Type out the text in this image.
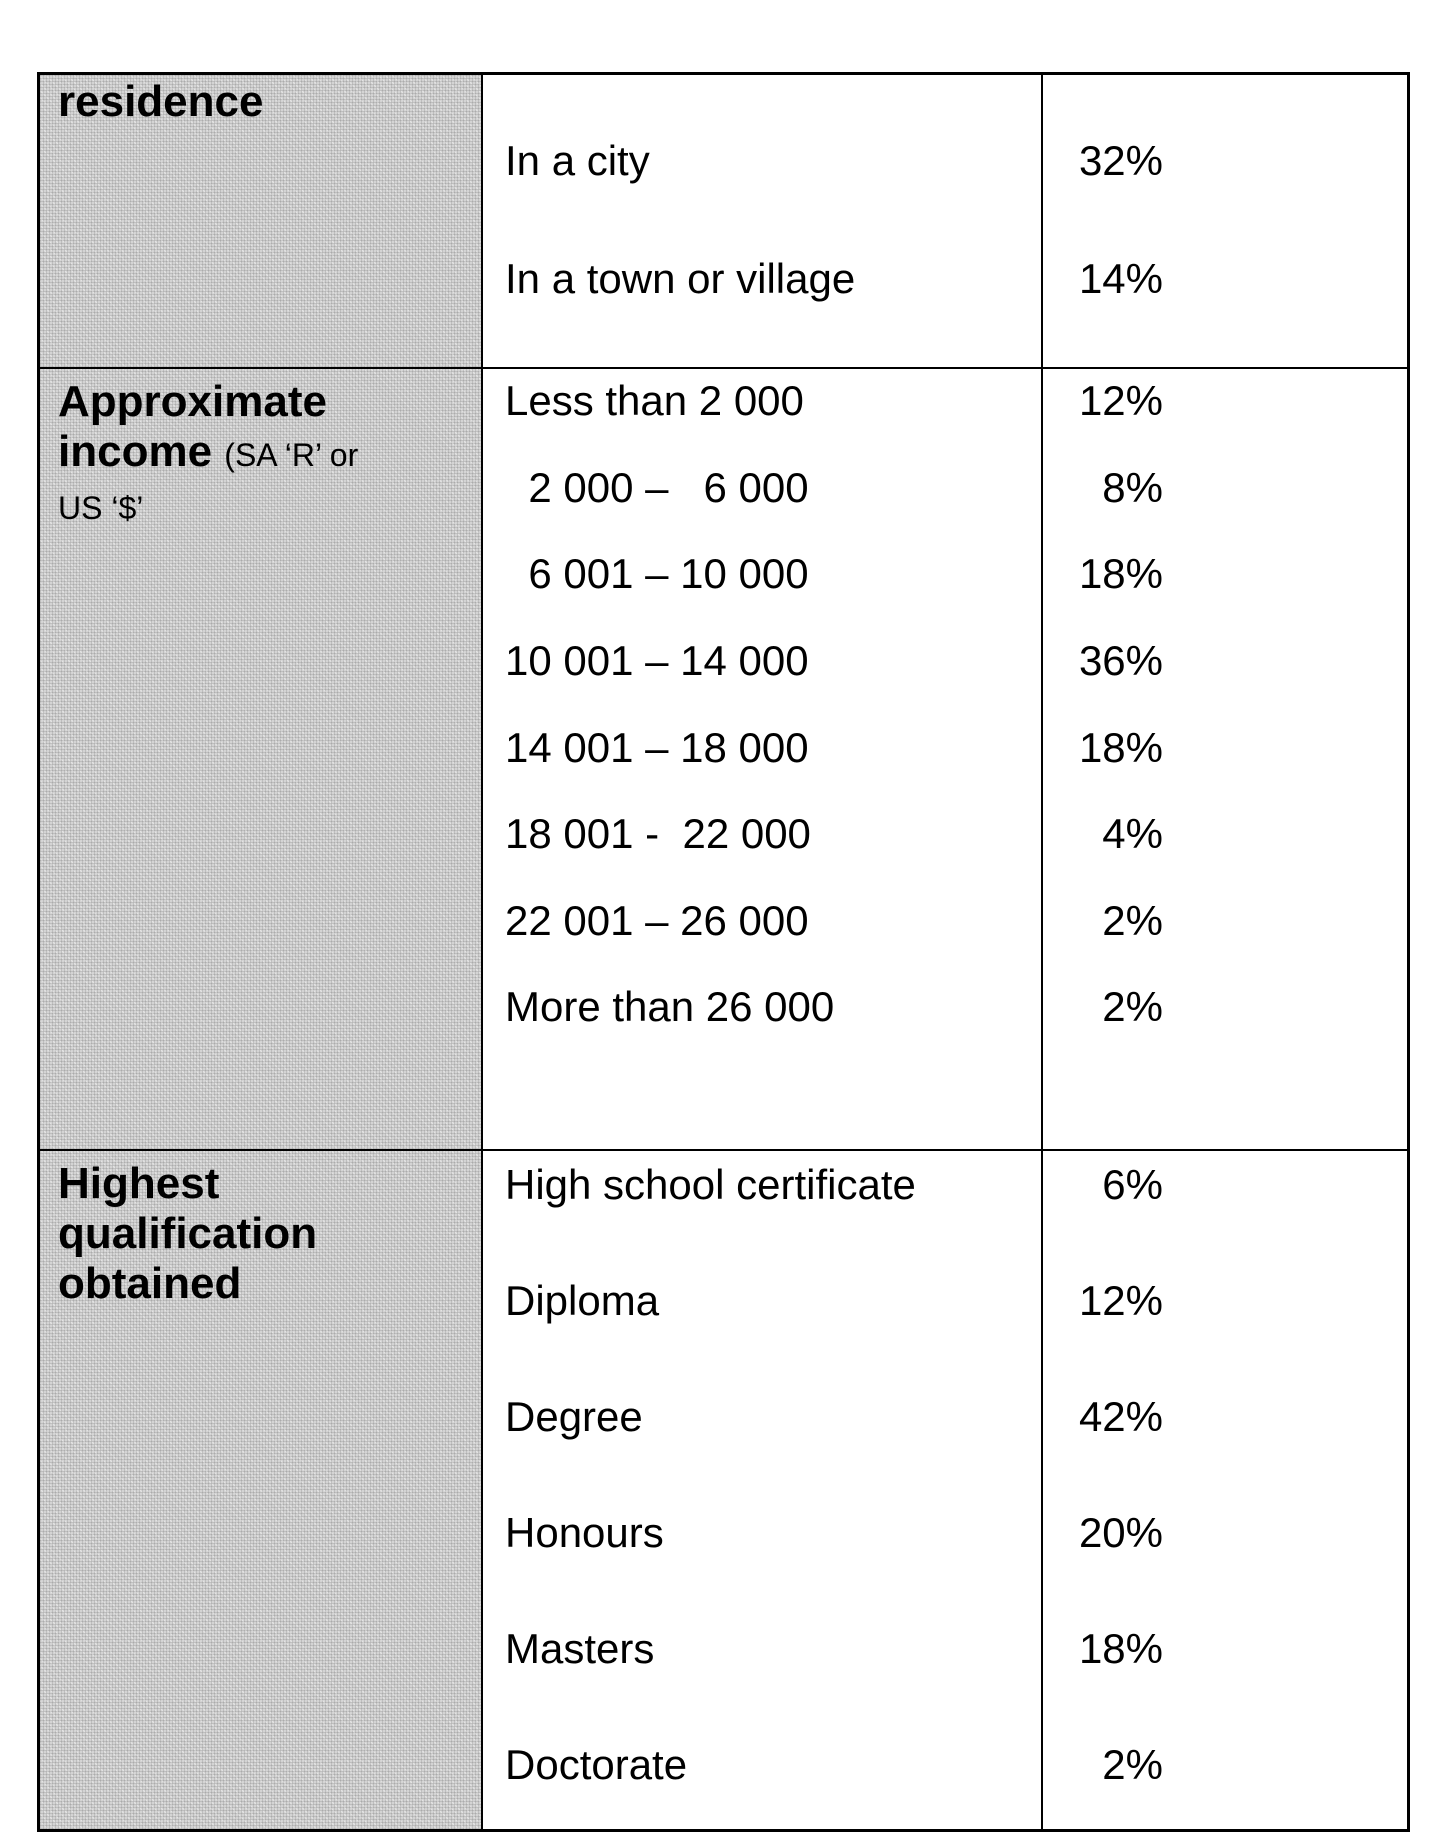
residence
In a city
In a town or village
32%
14%
Approximate income (SA ‘R’ or US ‘$’
Less than 2 000
2 000 –   6 000
6 001 – 10 000
10 001 – 14 000
14 001 – 18 000
18 001 -  22 000
22 001 – 26 000
More than 26 000
12%
8%
18%
36%
18%
4%
2%
2%
Highest qualification obtained
High school certificate
Diploma
Degree
Honours
Masters
Doctorate
6%
12%
42%
20%
18%
2%
